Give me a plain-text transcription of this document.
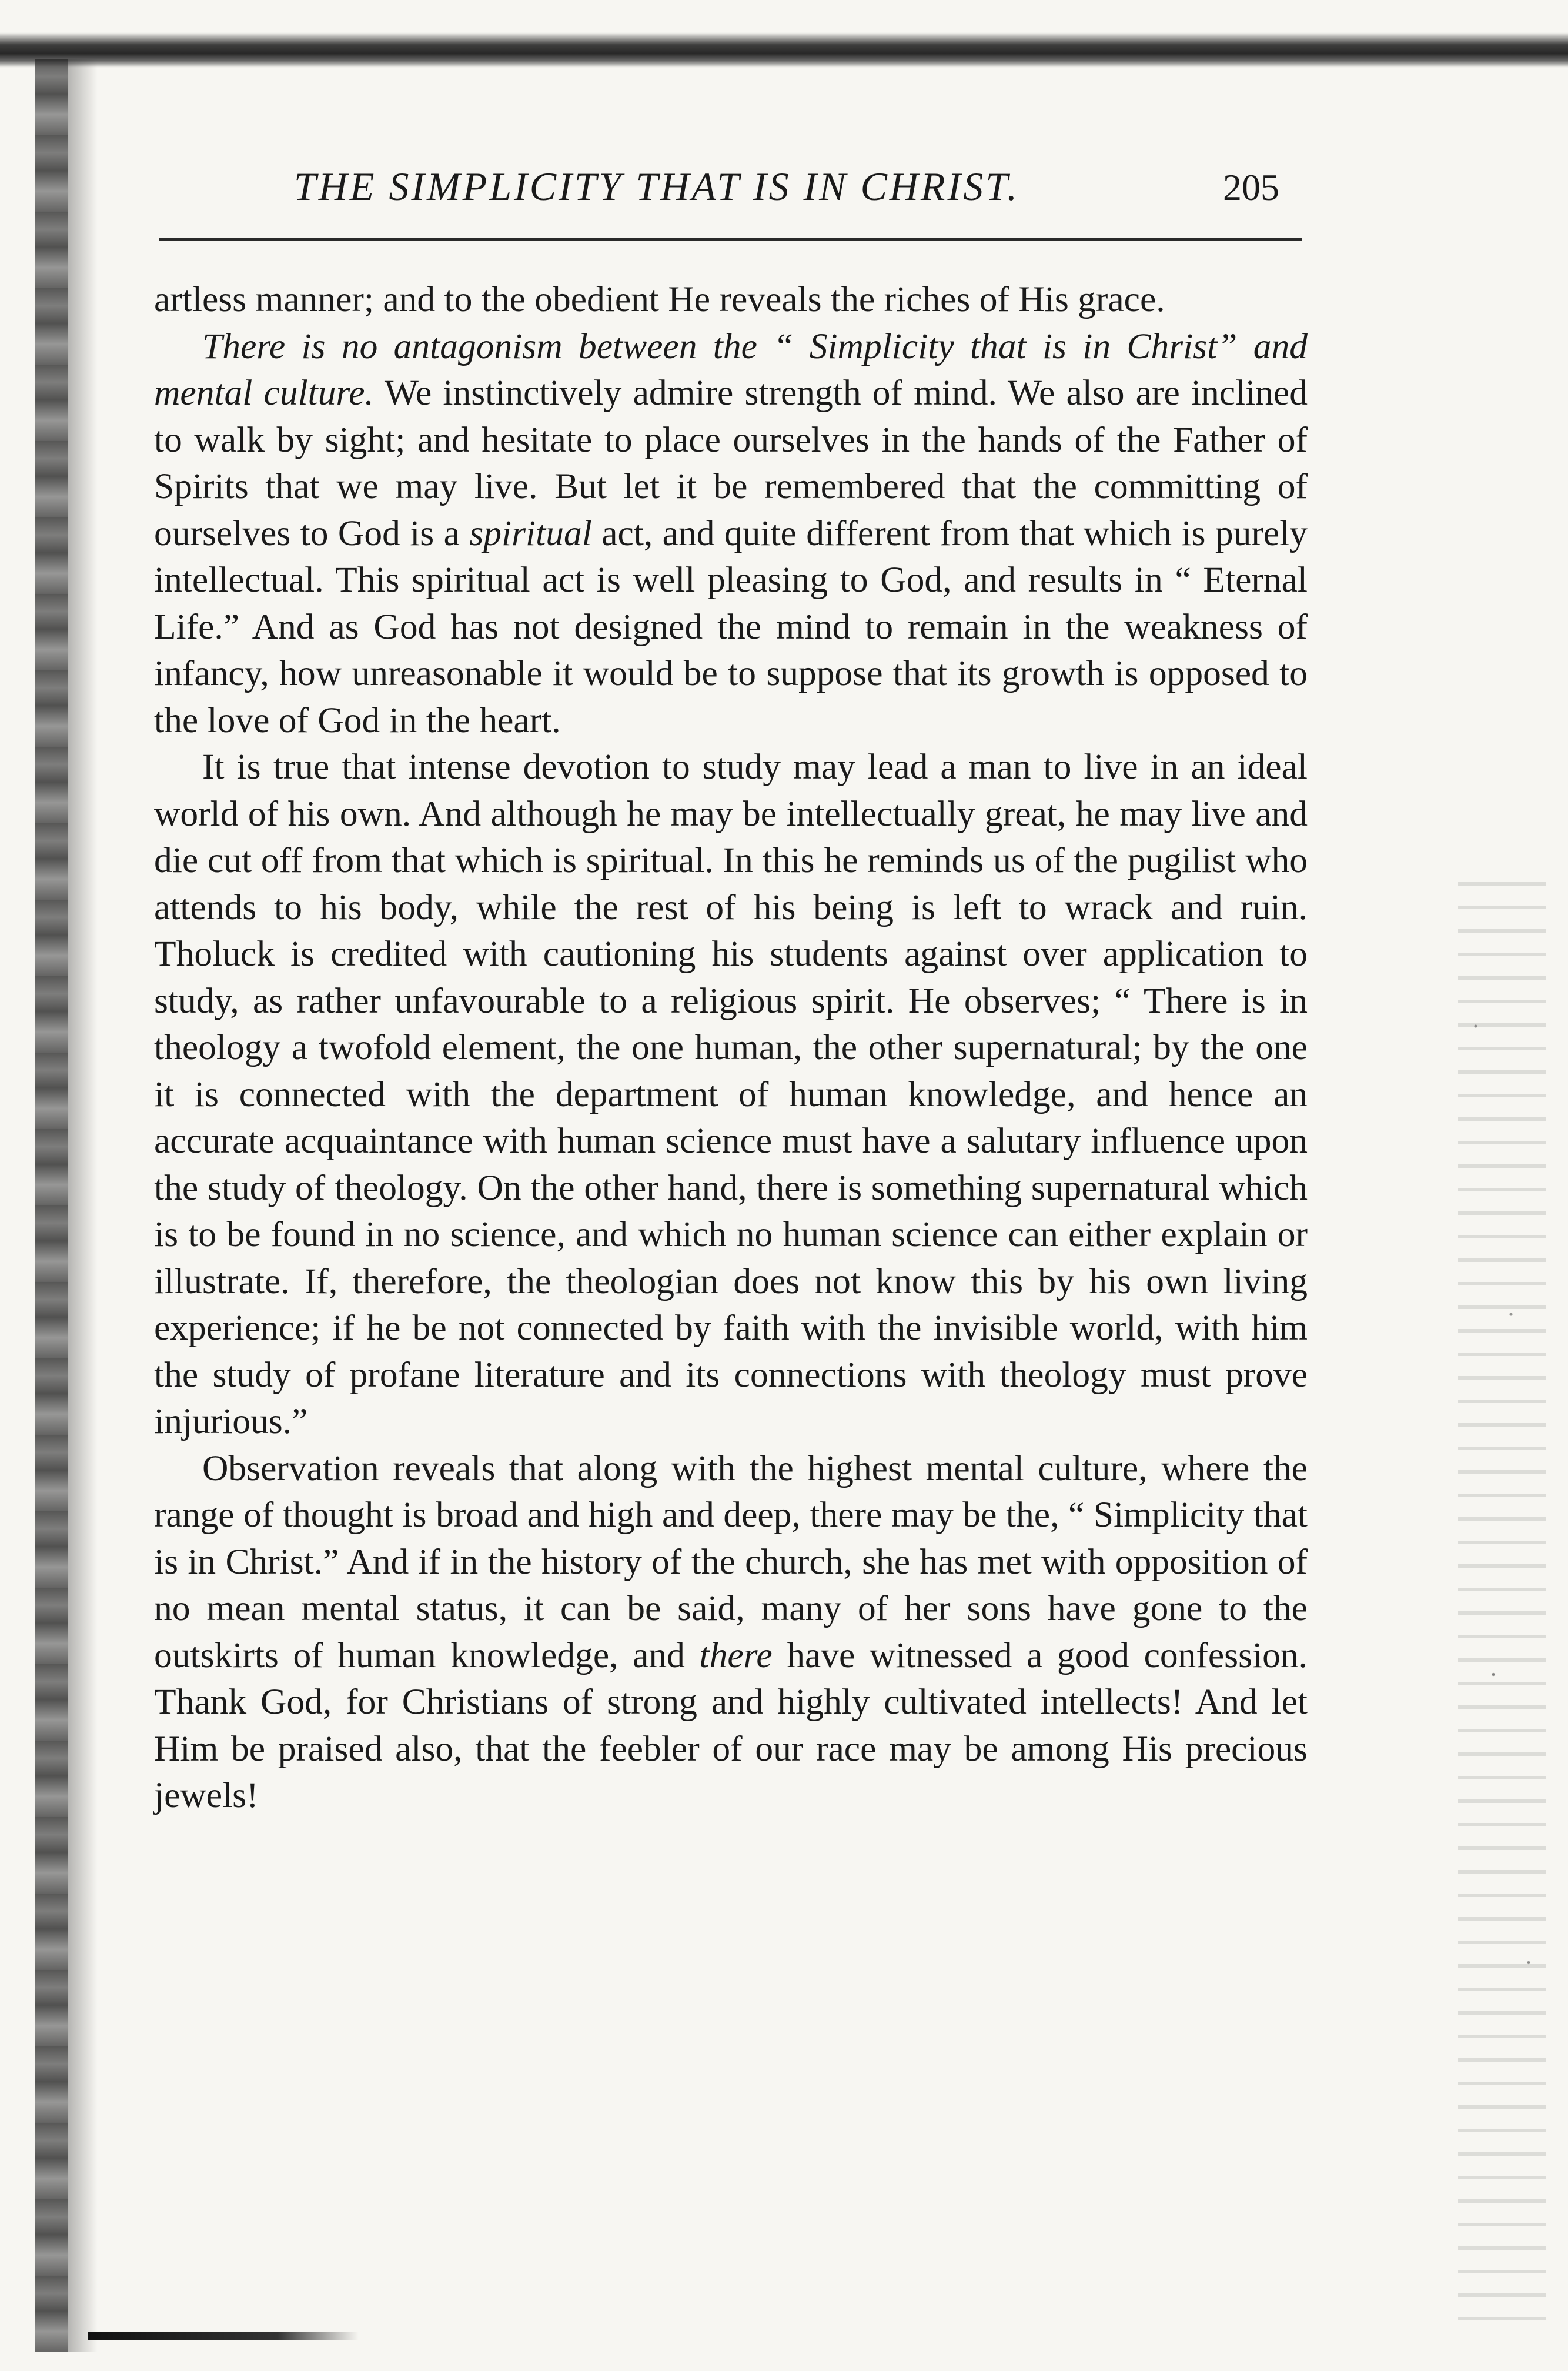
THE SIMPLICITY THAT IS IN CHRIST.	205

artless manner; and to the obedient He reveals the riches of His grace.

There is no antagonism between the “ Simplicity that is in Christ” and mental culture. We instinctively admire strength of mind. We also are inclined to walk by sight; and hesitate to place ourselves in the hands of the Father of Spirits that we may live. But let it be remembered that the committing of ourselves to God is a spiritual act, and quite different from that which is purely intellectual. This spiritual act is well pleasing to God, and results in “ Eternal Life.” And as God has not designed the mind to remain in the weakness of infancy, how unreasonable it would be to suppose that its growth is opposed to the love of God in the heart.

It is true that intense devotion to study may lead a man to live in an ideal world of his own. And although he may be intellectually great, he may live and die cut off from that which is spiritual. In this he reminds us of the pugilist who attends to his body, while the rest of his being is left to wrack and ruin. Tholuck is credited with cautioning his students against over application to study, as rather unfavourable to a religious spirit. He observes; “ There is in theology a twofold element, the one human, the other supernatural; by the one it is connected with the department of human knowledge, and hence an accurate acquaintance with human science must have a salutary influence upon the study of theology. On the other hand, there is something supernatural which is to be found in no science, and which no human science can either explain or illustrate. If, therefore, the theologian does not know this by his own living experience; if he be not connected by faith with the invisible world, with him the study of profane literature and its connections with theology must prove injurious.”

Observation reveals that along with the highest mental culture, where the range of thought is broad and high and deep, there may be the, “ Simplicity that is in Christ.” And if in the history of the church, she has met with opposition of no mean mental status, it can be said, many of her sons have gone to the outskirts of human knowledge, and there have witnessed a good confession. Thank God, for Christians of strong and highly cultivated intellects! And let Him be praised also, that the feebler of our race may be among His precious jewels!
